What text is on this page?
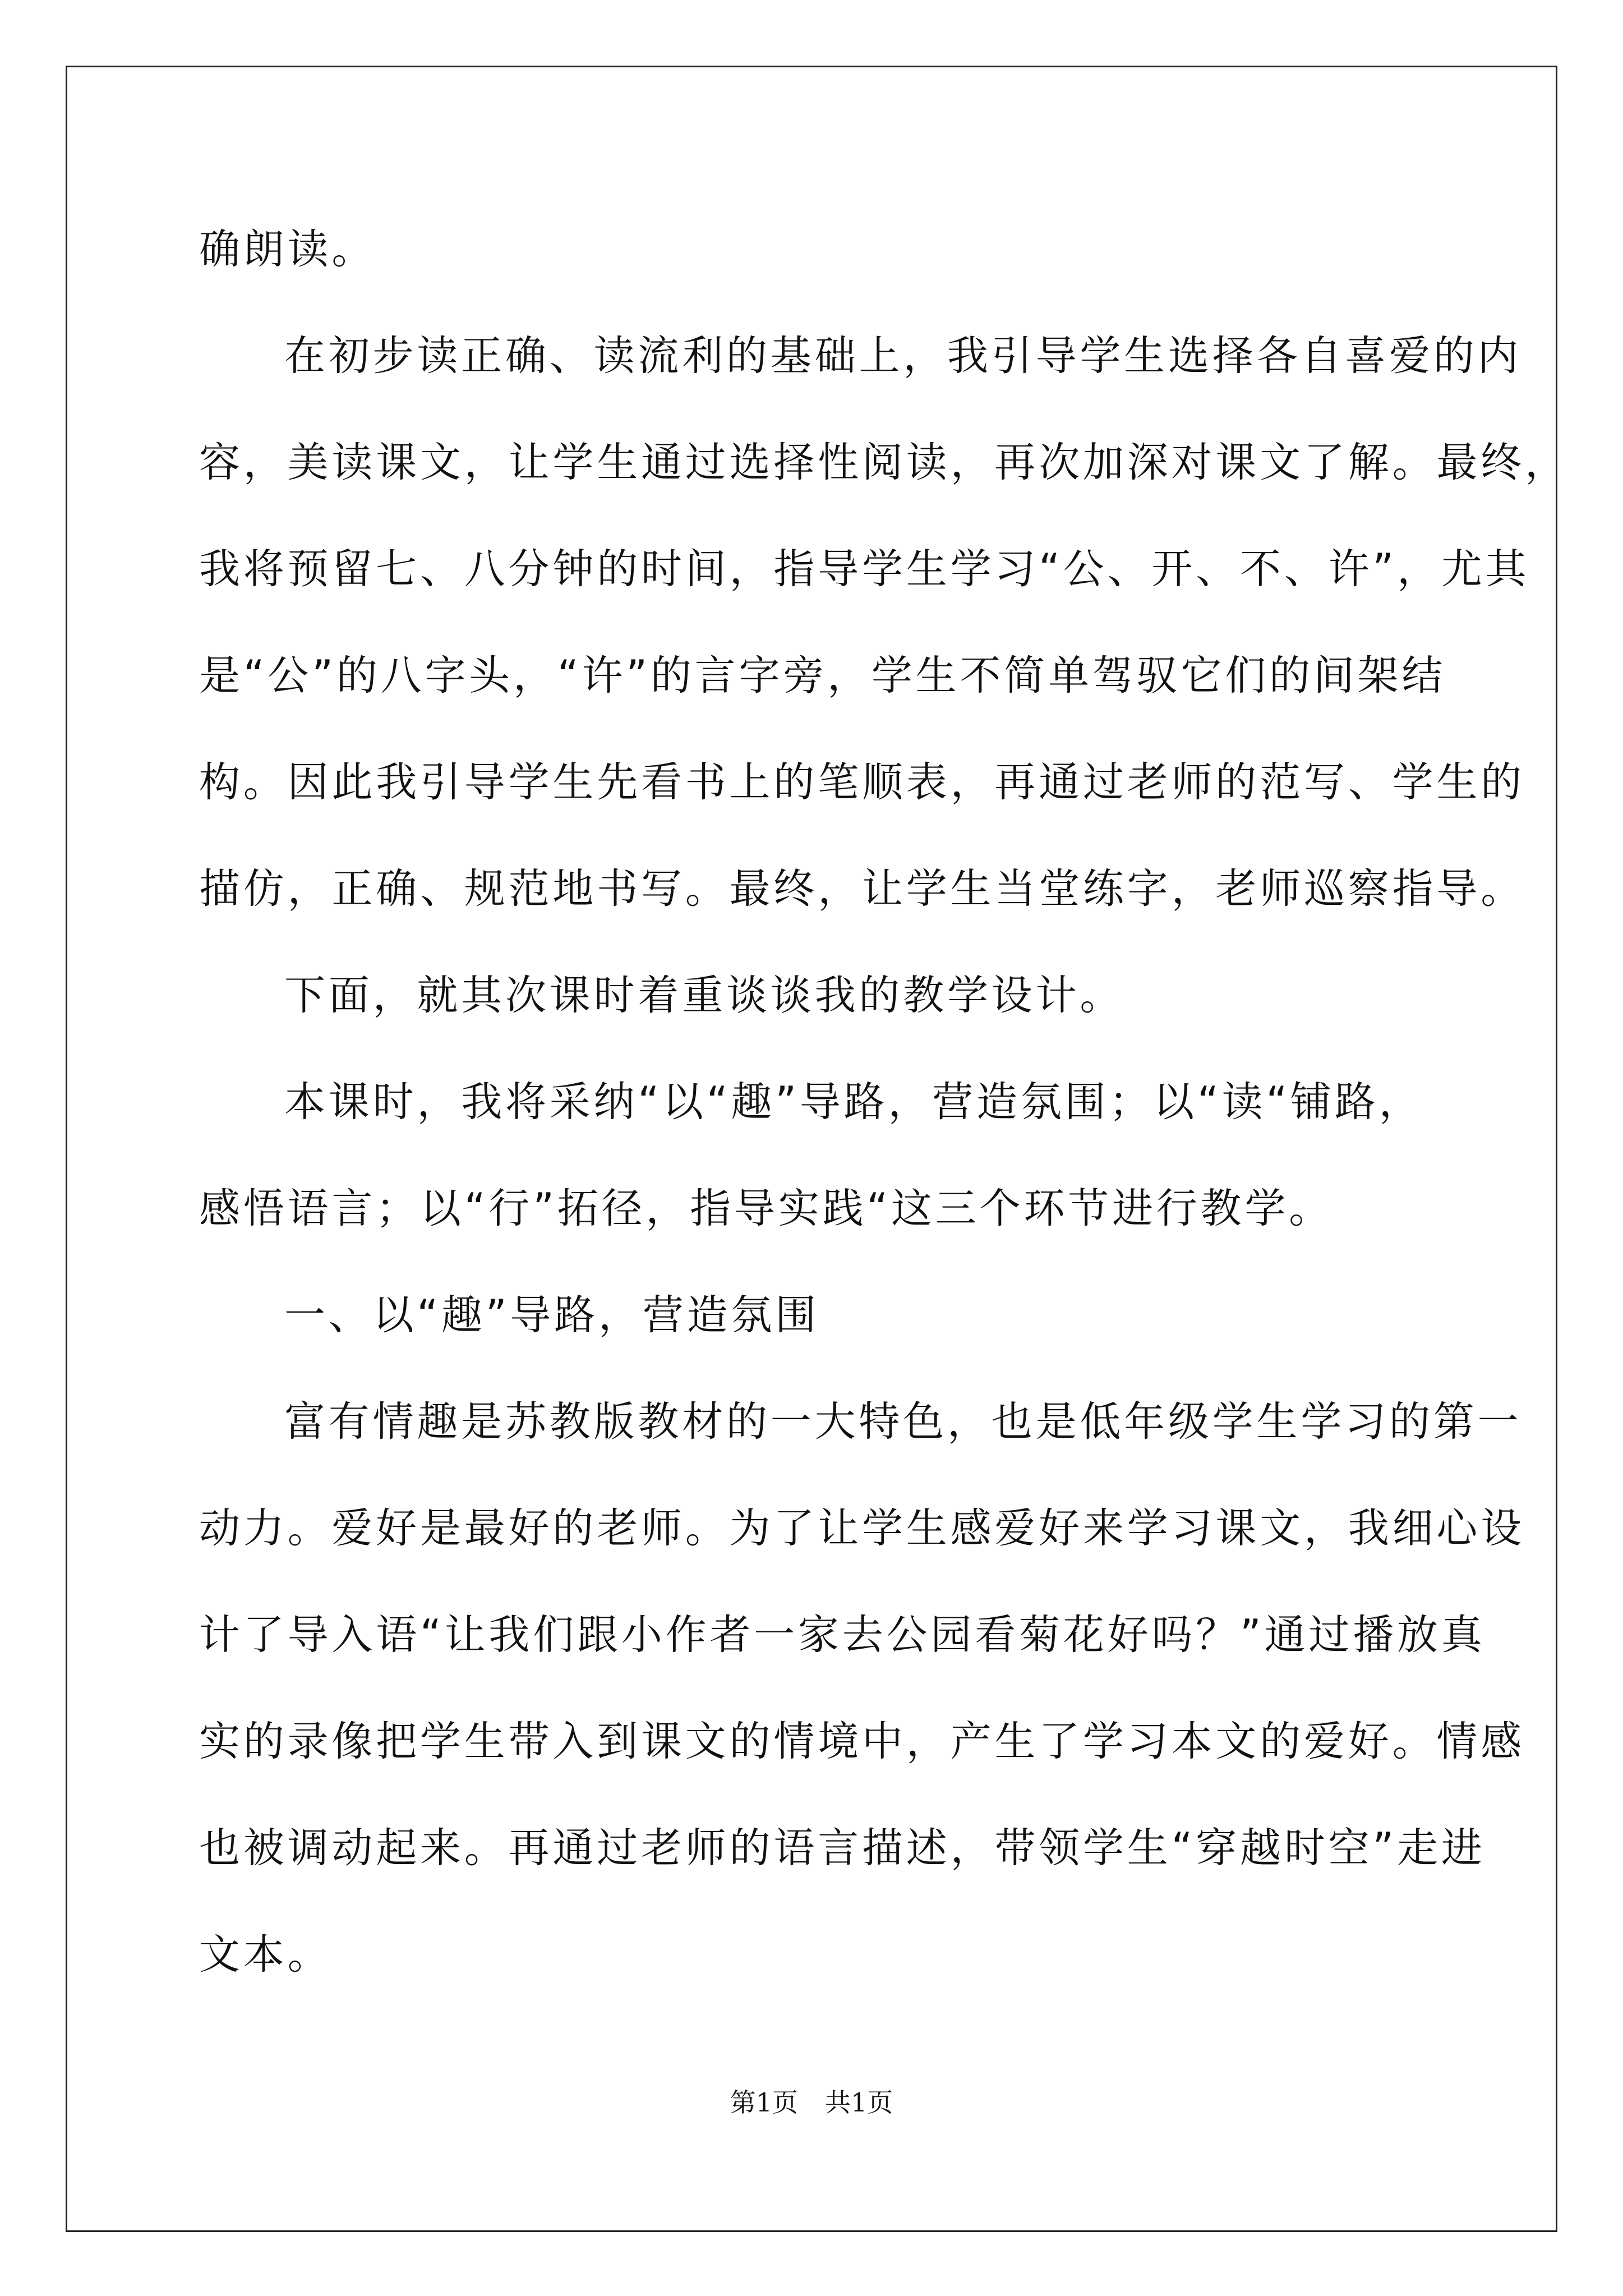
确朗读。
在初步读正确、读流利的基础上，我引导学生选择各自喜爱的内
容，美读课文，让学生通过选择性阅读，再次加深对课文了解。最终，
我将预留七、八分钟的时间，指导学生学习“公、开、不、许”，尤其
是“公”的八字头，“许”的言字旁，学生不简单驾驭它们的间架结
构。因此我引导学生先看书上的笔顺表，再通过老师的范写、学生的
描仿，正确、规范地书写。最终，让学生当堂练字，老师巡察指导。
下面，就其次课时着重谈谈我的教学设计。
本课时，我将采纳“以“趣”导路，营造氛围；以“读“铺路，
感悟语言；以“行”拓径，指导实践“这三个环节进行教学。
一、以“趣”导路，营造氛围
富有情趣是苏教版教材的一大特色，也是低年级学生学习的第一
动力。爱好是最好的老师。为了让学生感爱好来学习课文，我细心设
计了导入语“让我们跟小作者一家去公园看菊花好吗？”通过播放真
实的录像把学生带入到课文的情境中，产生了学习本文的爱好。情感
也被调动起来。再通过老师的语言描述，带领学生“穿越时空”走进
文本。
第1页 共1页
